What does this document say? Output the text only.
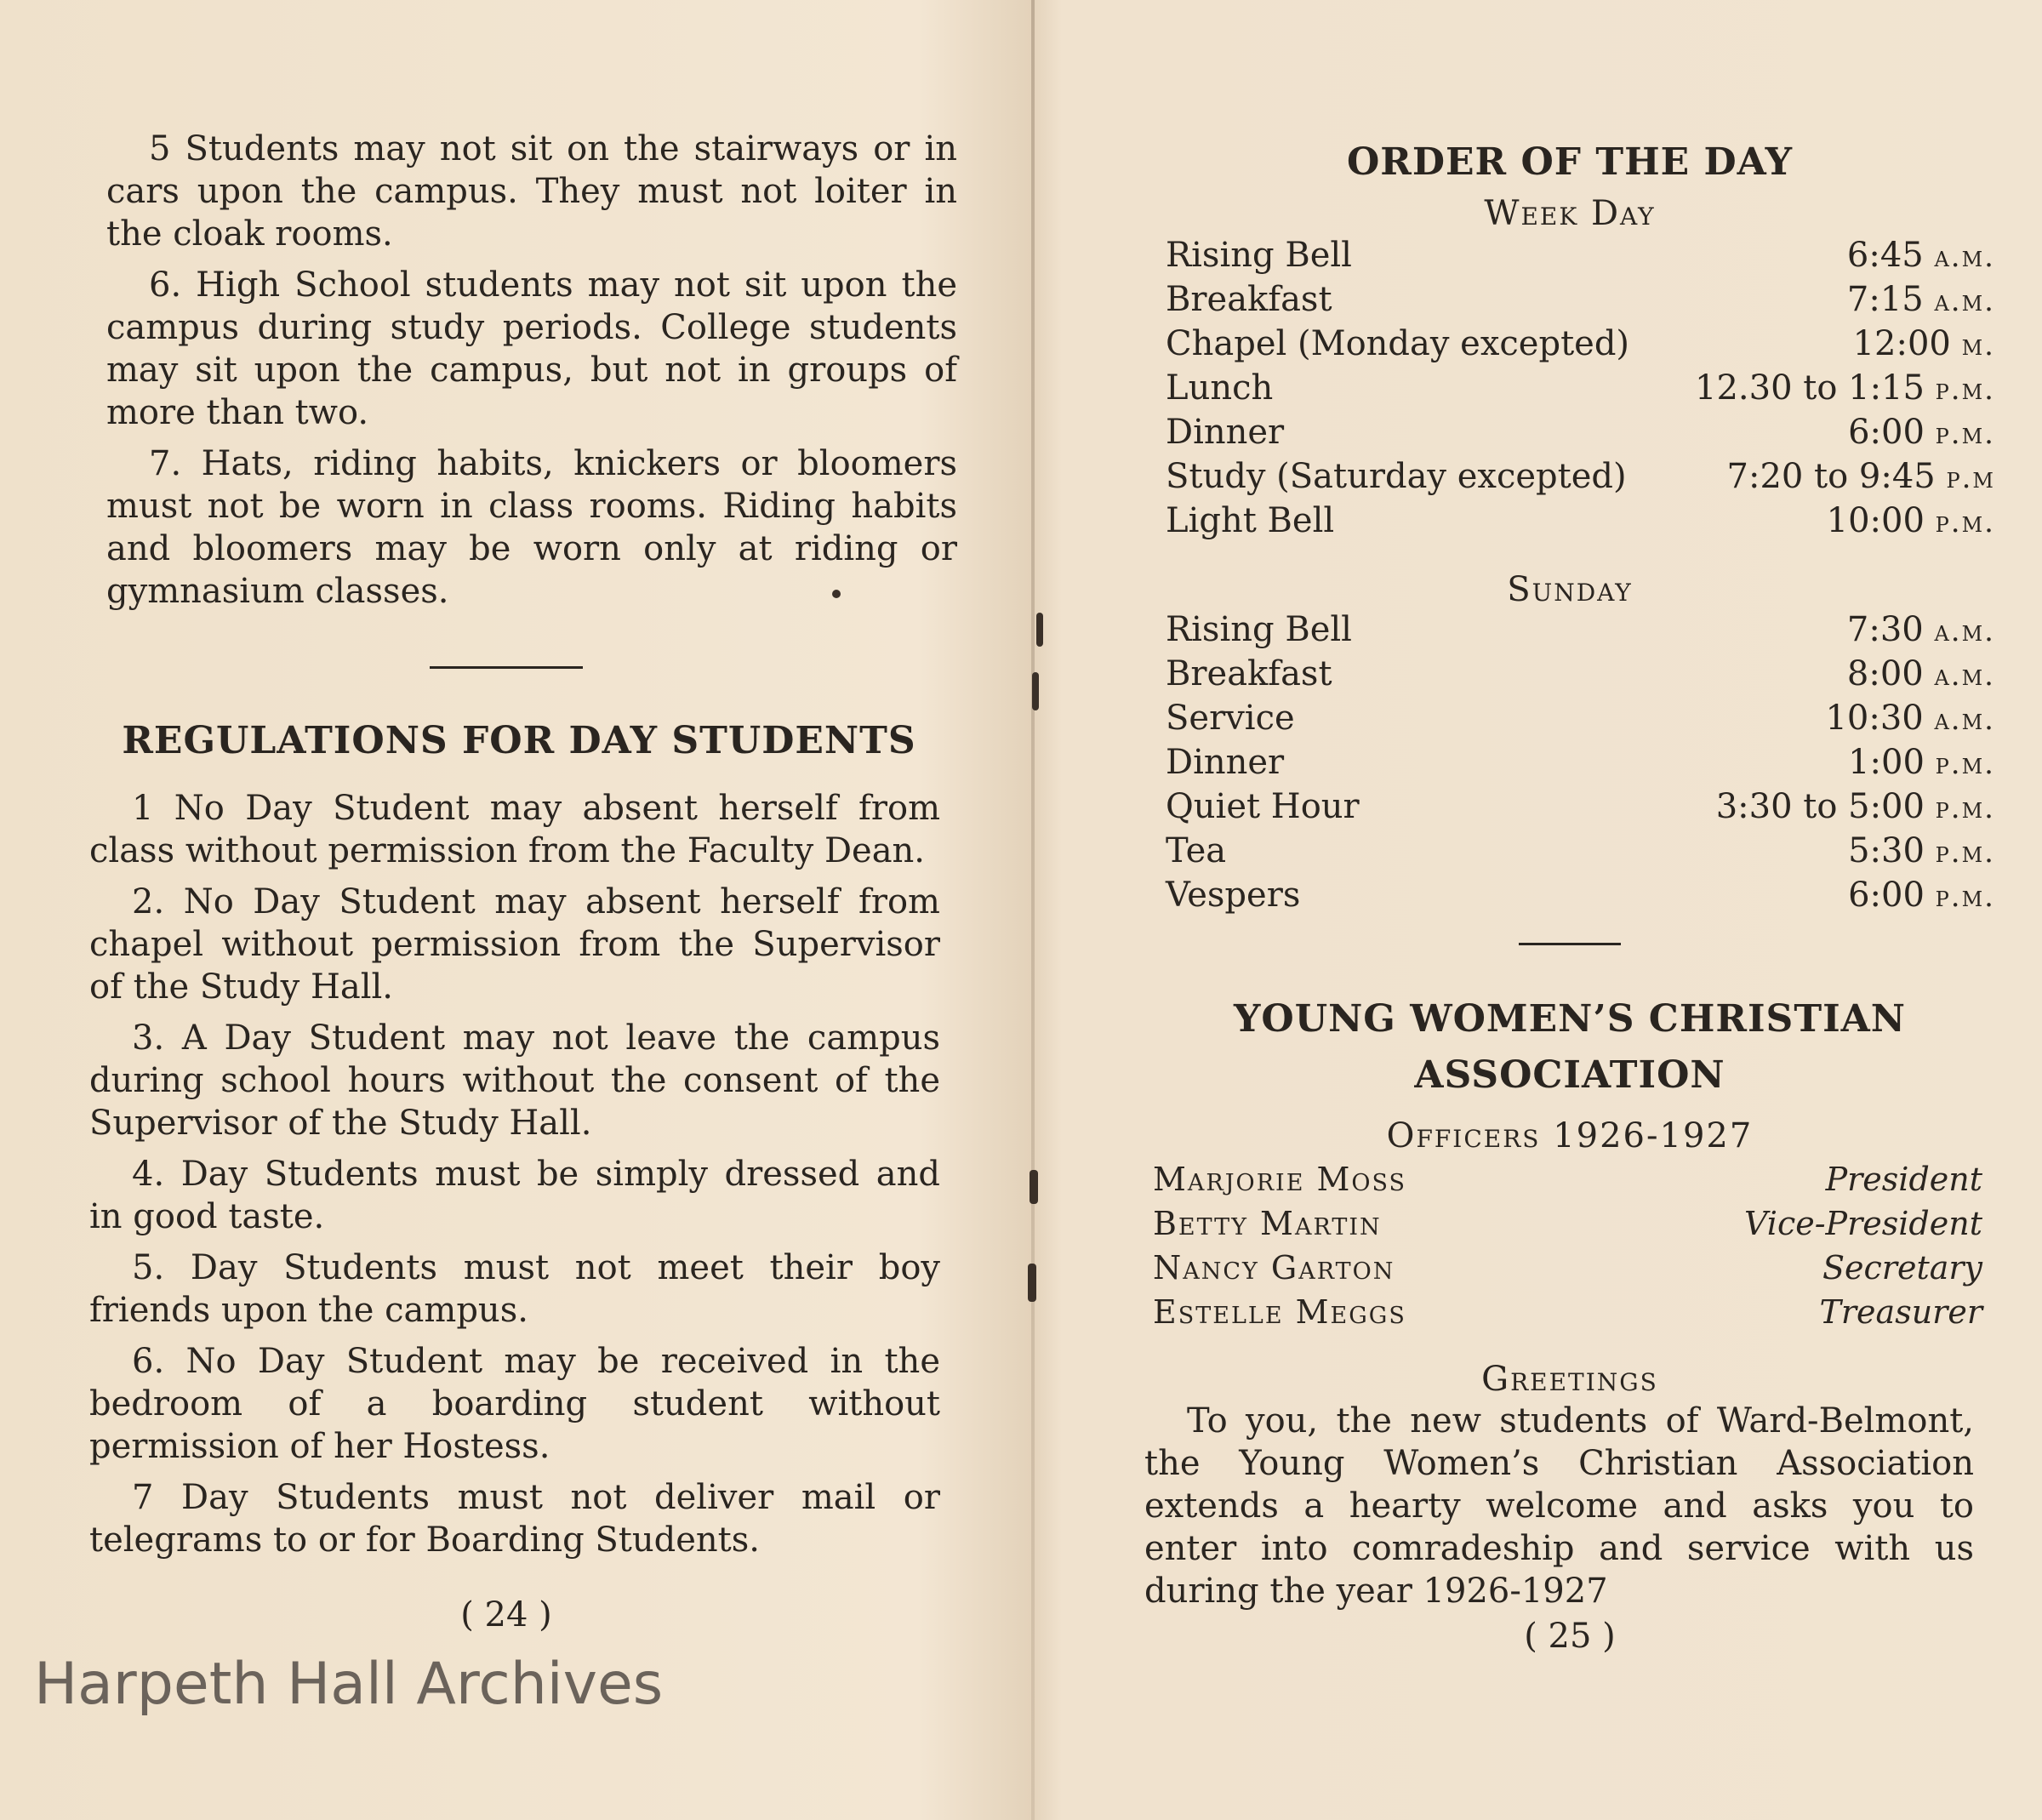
5 Students may not sit on the stairways or in cars upon the campus. They must not loiter in the cloak rooms.

6. High School students may not sit upon the campus during study periods. College students may sit upon the campus, but not in groups of more than two.

7. Hats, riding habits, knickers or bloomers must not be worn in class rooms. Riding habits and bloomers may be worn only at riding or gymnasium classes.

REGULATIONS FOR DAY STUDENTS

1 No Day Student may absent herself from class without permission from the Faculty Dean.

2. No Day Student may absent herself from chapel without permission from the Supervisor of the Study Hall.

3. A Day Student may not leave the campus during school hours without the consent of the Supervisor of the Study Hall.

4. Day Students must be simply dressed and in good taste.

5. Day Students must not meet their boy friends upon the campus.

6. No Day Student may be received in the bedroom of a boarding student without permission of her Hostess.

7 Day Students must not deliver mail or telegrams to or for Boarding Students.

( 24 )
Harpeth Hall Archives
ORDER OF THE DAY
Week Day
Rising Bell	6:45 a.m.
Breakfast	7:15 a.m.
Chapel (Monday excepted)	12:00 m.
Lunch	12.30 to 1:15 p.m.
Dinner	6:00 p.m.
Study (Saturday excepted)	7:20 to 9:45 p.m
Light Bell	10:00 p.m.
Sunday
Rising Bell	7:30 a.m.
Breakfast	8:00 a.m.
Service	10:30 a.m.
Dinner	1:00 p.m.
Quiet Hour	3:30 to 5:00 p.m.
Tea	5:30 p.m.
Vespers	6:00 p.m.
YOUNG WOMEN’S CHRISTIAN
ASSOCIATION
Officers 1926-1927
Marjorie Moss	President
Betty Martin	Vice-President
Nancy Garton	Secretary
Estelle Meggs	Treasurer
Greetings

To you, the new students of Ward-Belmont, the Young Women’s Christian Association extends a hearty welcome and asks you to enter into comradeship and service with us during the year 1926-1927

( 25 )
